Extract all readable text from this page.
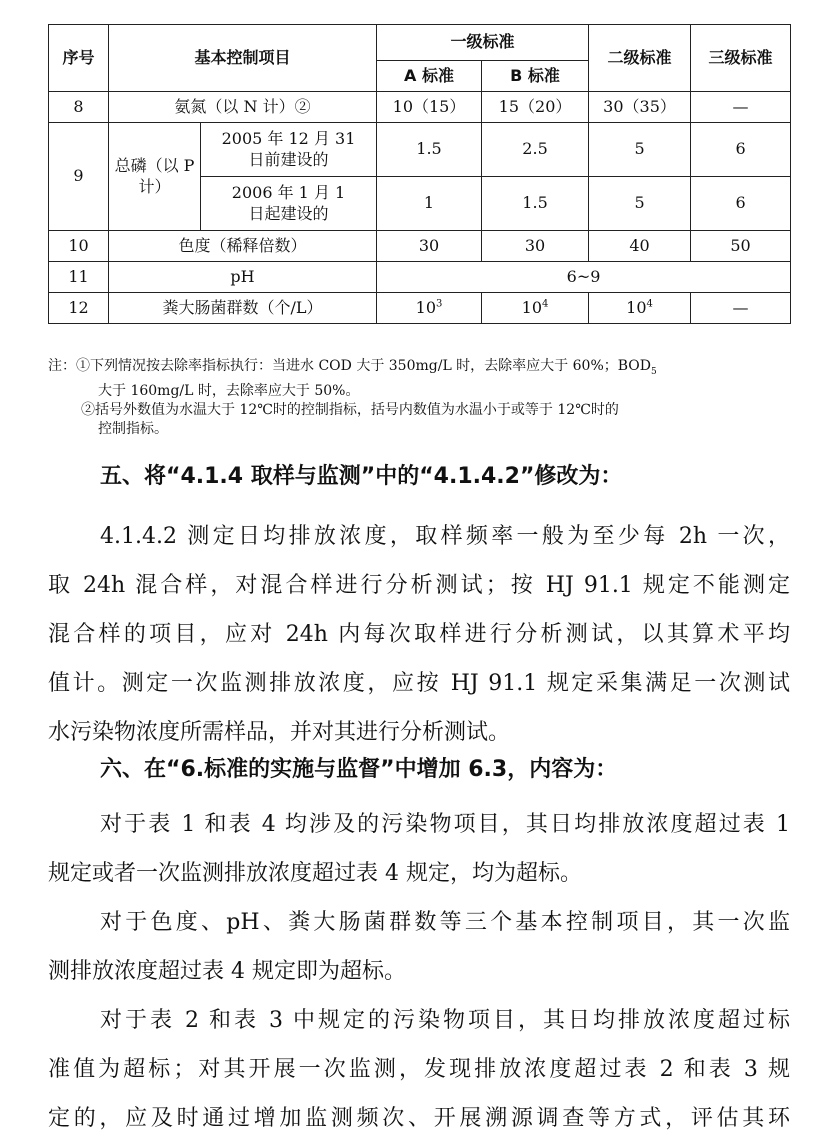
序号	基本控制项目		一级标准		二级标准	三级标准
			A 标准	B 标准		
8	氨氮（以 N 计）②		10（15）	15（20）	30（35）	—
9	总磷（以 P 计）	2005 年 12 月 31 日前建设的	1.5	2.5	5	6
		2006 年 1 月 1 日起建设的	1	1.5	5	6
10	色度（稀释倍数）		30	30	40	50
11	pH		6~9			
12	粪大肠菌群数（个/L）		$10^3$	$10^4$	$10^4$	—
注：①下列情况按去除率指标执行：当进水 COD 大于 350mg/L 时，去除率应大于 60%；$BOD_5$
大于 160mg/L 时，去除率应大于 50%。
②括号外数值为水温大于 12℃时的控制指标，括号内数值为水温小于或等于 12℃时的
控制指标。
五、将“4.1.4 取样与监测”中的“4.1.4.2”修改为：
4.1.4.2 测定日均排放浓度，取样频率一般为至少每 2h 一次，
取 24h 混合样，对混合样进行分析测试；按 HJ 91.1 规定不能测定
混合样的项目，应对 24h 内每次取样进行分析测试，以其算术平均
值计。测定一次监测排放浓度，应按 HJ 91.1 规定采集满足一次测试
水污染物浓度所需样品，并对其进行分析测试。
六、在“6.标准的实施与监督”中增加 6.3，内容为：
对于表 1 和表 4 均涉及的污染物项目，其日均排放浓度超过表 1
规定或者一次监测排放浓度超过表 4 规定，均为超标。
对于色度、pH、粪大肠菌群数等三个基本控制项目，其一次监
测排放浓度超过表 4 规定即为超标。
对于表 2 和表 3 中规定的污染物项目，其日均排放浓度超过标
准值为超标；对其开展一次监测，发现排放浓度超过表 2 和表 3 规
定的，应及时通过增加监测频次、开展溯源调查等方式，评估其环
